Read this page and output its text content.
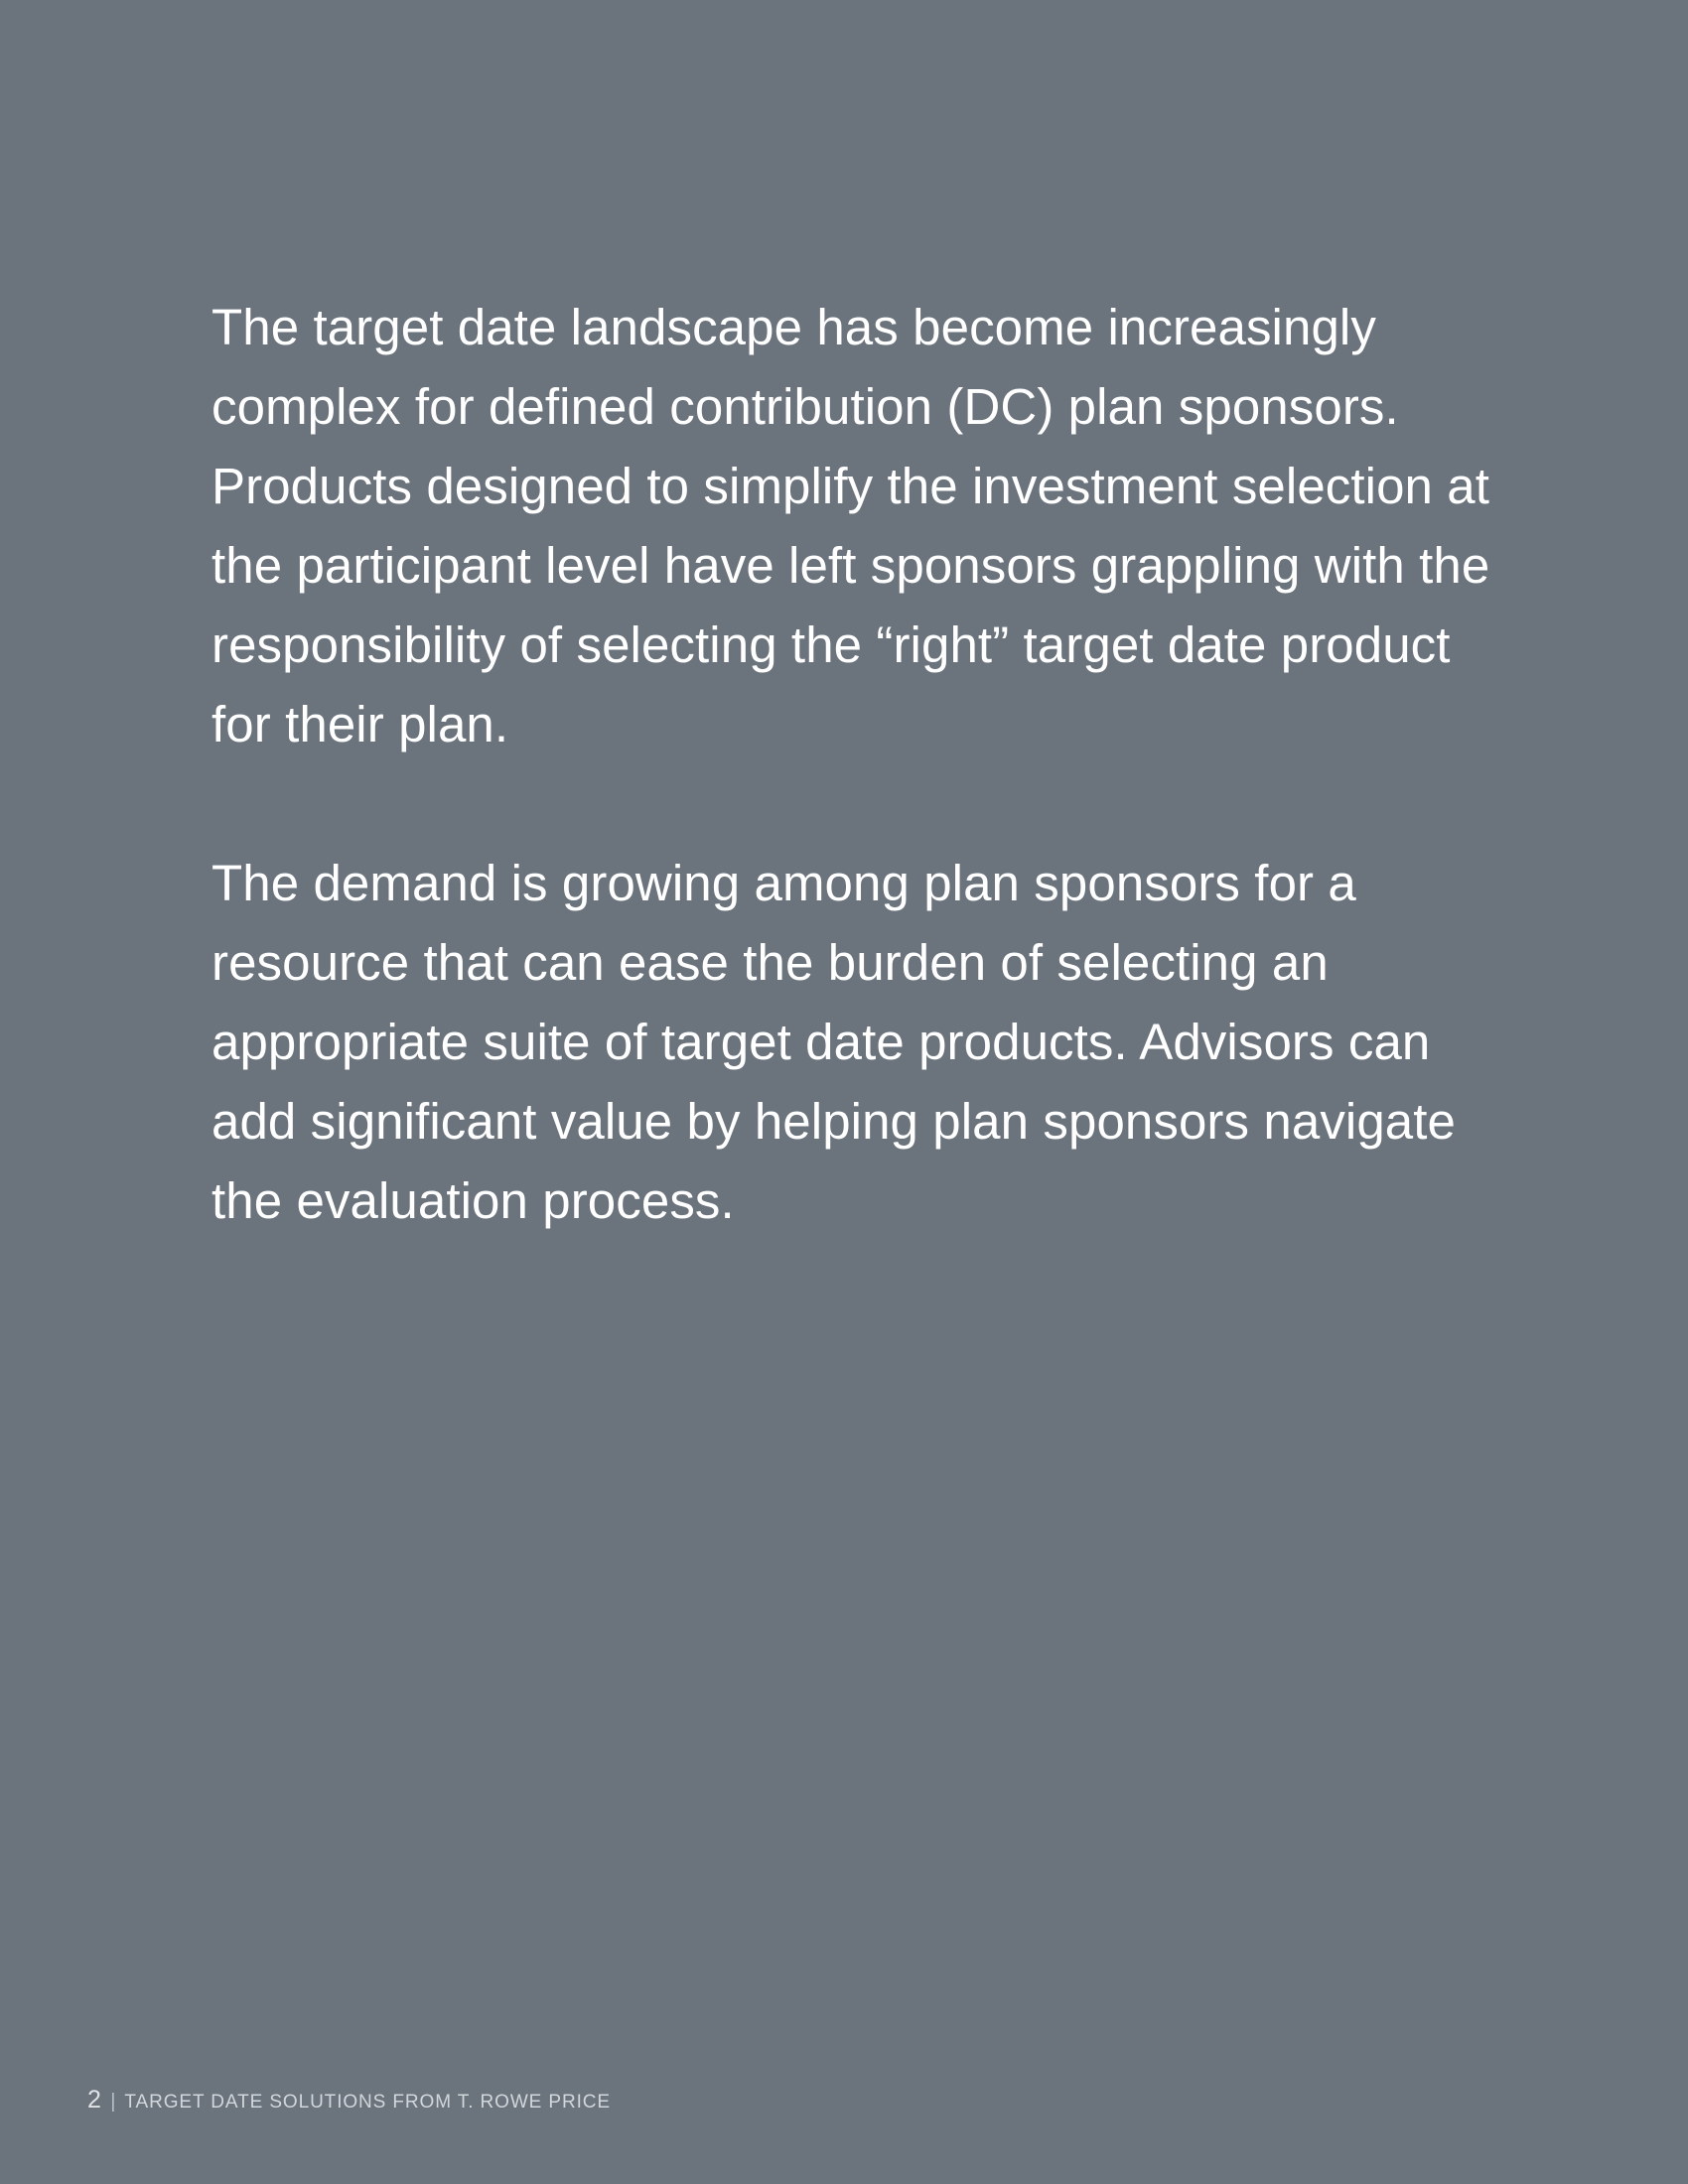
The target date landscape has become increasingly complex for defined contribution (DC) plan sponsors. Products designed to simplify the investment selection at the participant level have left sponsors grappling with the responsibility of selecting the “right” target date product for their plan.

The demand is growing among plan sponsors for a resource that can ease the burden of selecting an appropriate suite of target date products. Advisors can add significant value by helping plan sponsors navigate the evaluation process.

2 | TARGET DATE SOLUTIONS FROM T. ROWE PRICE
